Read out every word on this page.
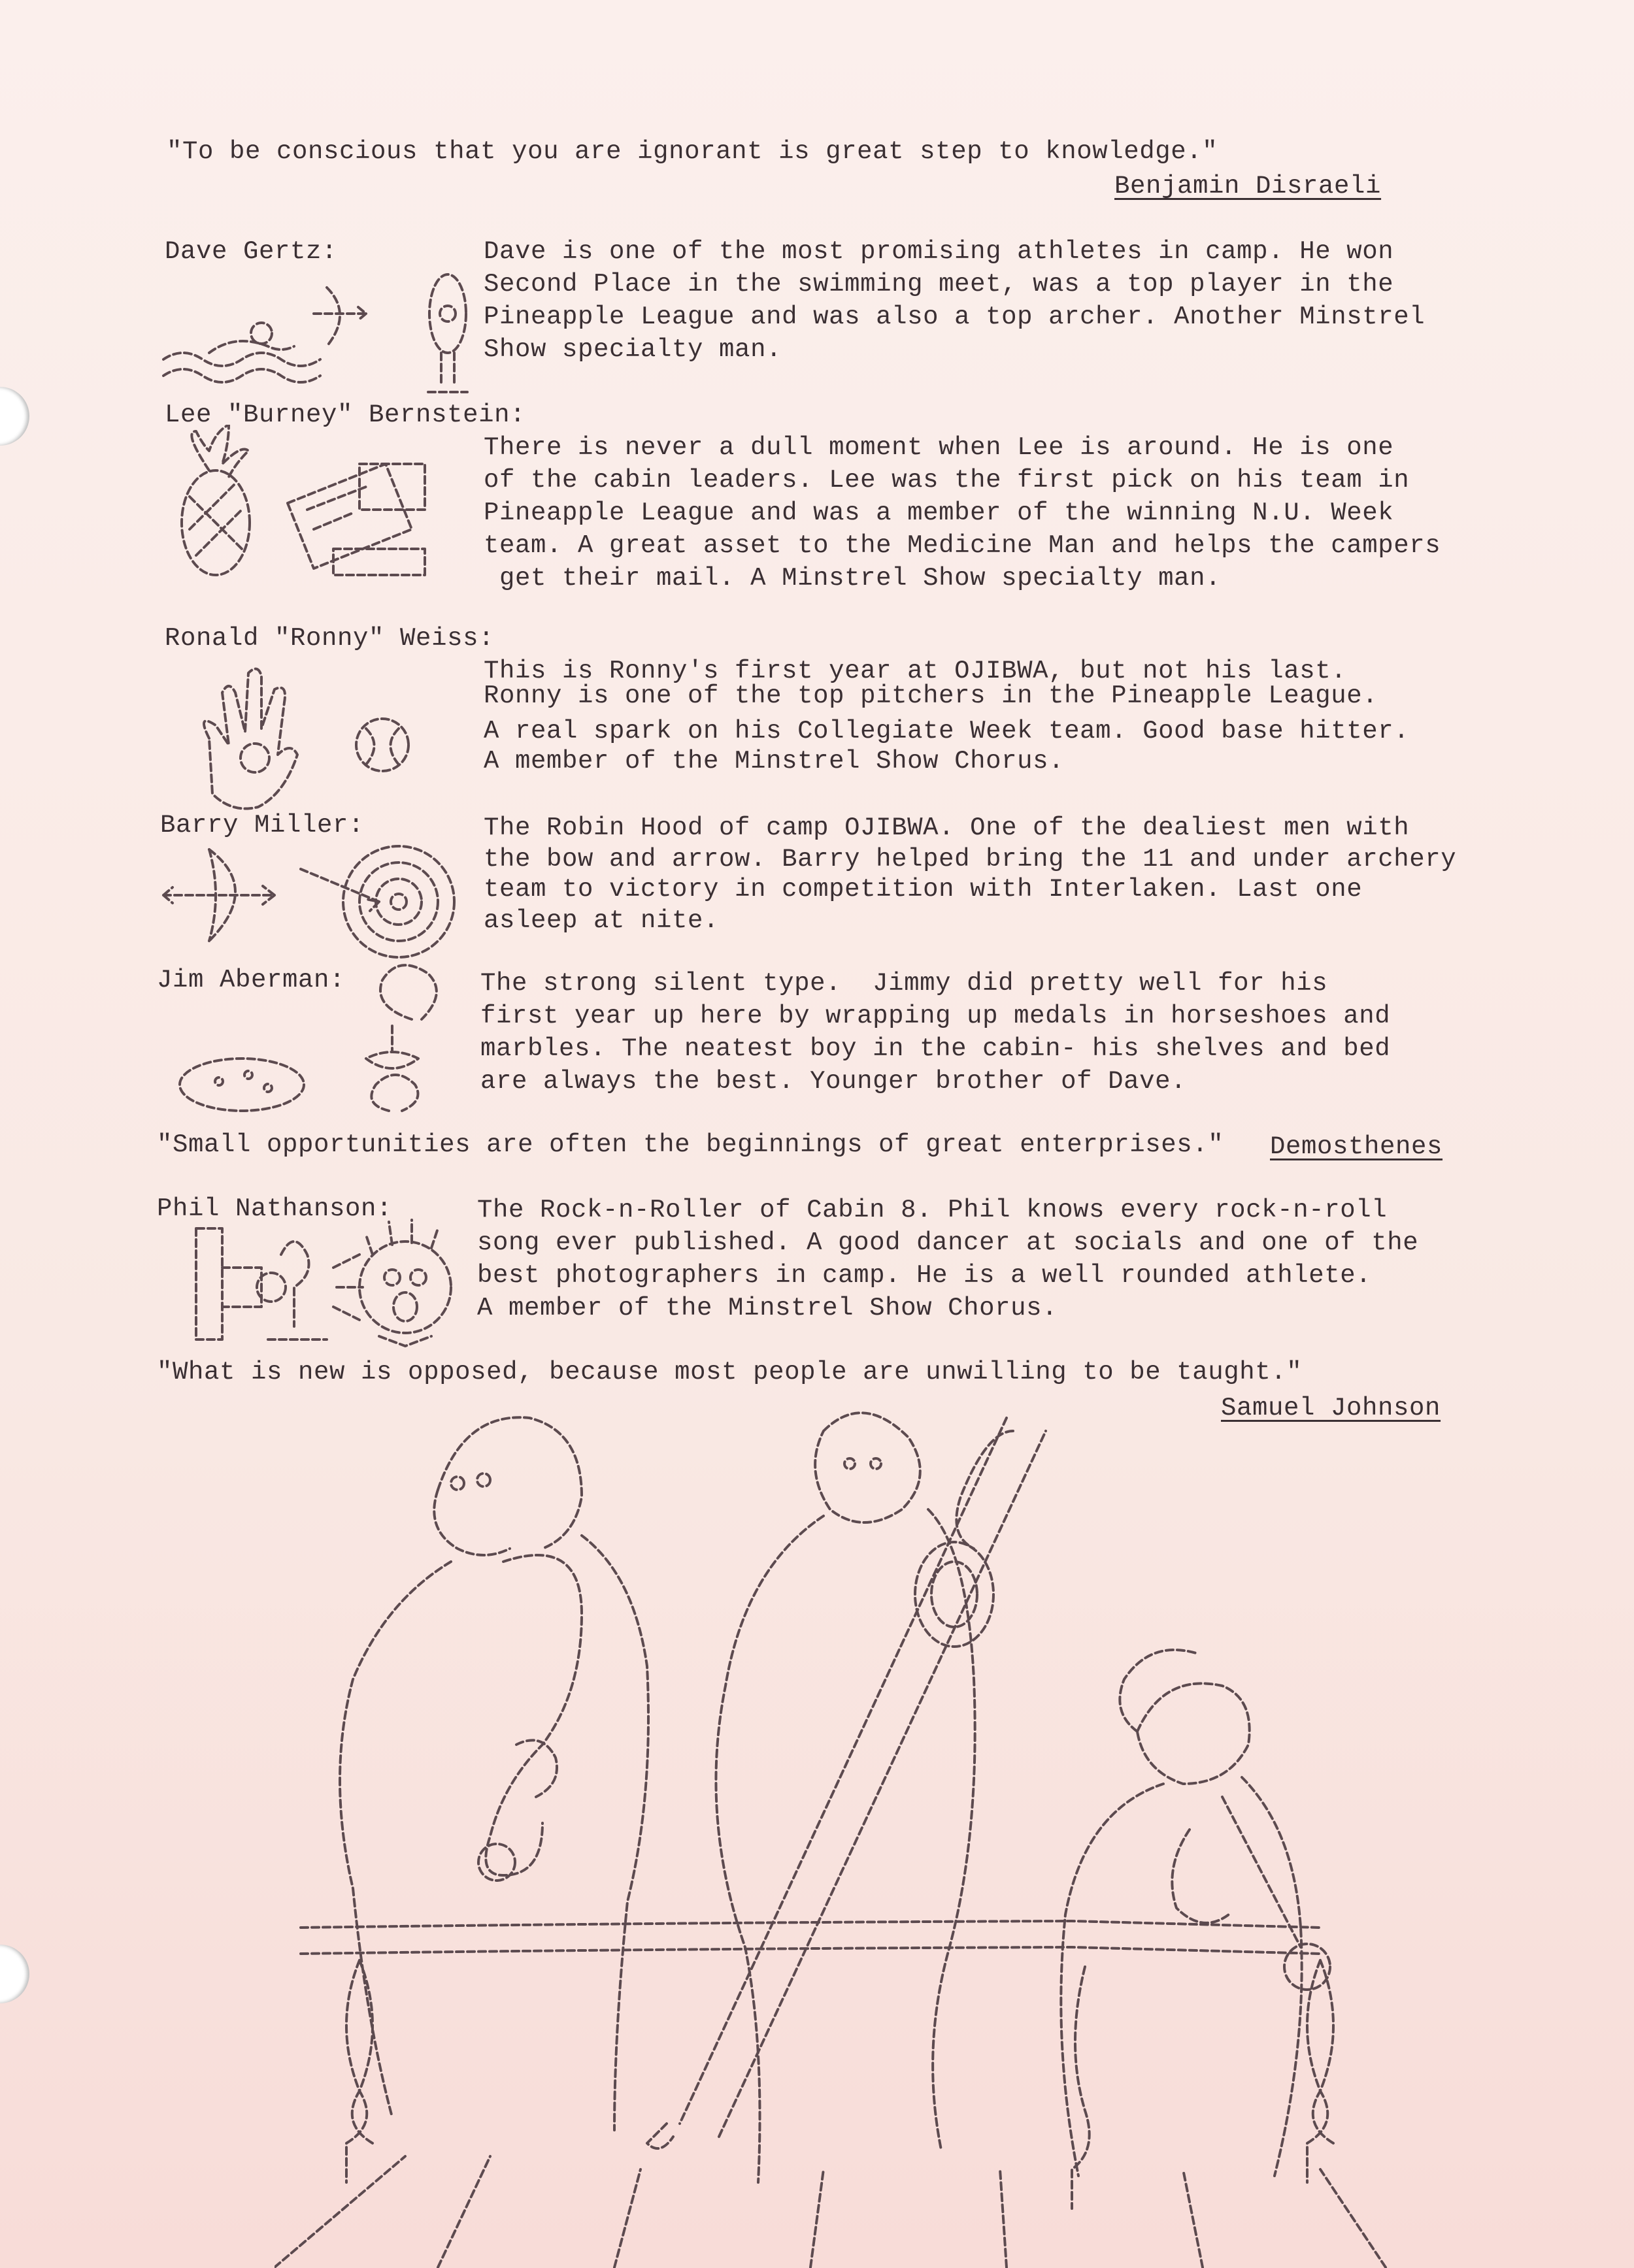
"To be conscious that you are ignorant is great step to knowledge."
Benjamin Disraeli
Dave Gertz:	Dave is one of the most promising athletes in camp. He won
Second Place in the swimming meet, was a top player in the
Pineapple League and was also a top archer. Another Minstrel
Show specialty man.
Lee "Burney" Bernstein:
There is never a dull moment when Lee is around. He is one
of the cabin leaders. Lee was the first pick on his team in
Pineapple League and was a member of the winning N.U. Week
team. A great asset to the Medicine Man and helps the campers
get their mail. A Minstrel Show specialty man.
Ronald "Ronny" Weiss:
This is Ronny's first year at OJIBWA, but not his last.
Ronny is one of the top pitchers in the Pineapple League.
A real spark on his Collegiate Week team. Good base hitter.
A member of the Minstrel Show Chorus.
Barry Miller:	The Robin Hood of camp OJIBWA. One of the dealiest men with
the bow and arrow. Barry helped bring the 11 and under archery
team to victory in competition with Interlaken. Last one
asleep at nite.
Jim Aberman:	The strong silent type.  Jimmy did pretty well for his
first year up here by wrapping up medals in horseshoes and
marbles. The neatest boy in the cabin- his shelves and bed
are always the best. Younger brother of Dave.
"Small opportunities are often the beginnings of great enterprises." Demosthenes
Phil Nathanson:	The Rock-n-Roller of Cabin 8. Phil knows every rock-n-roll
song ever published. A good dancer at socials and one of the
best photographers in camp. He is a well rounded athlete.
A member of the Minstrel Show Chorus.
"What is new is opposed, because most people are unwilling to be taught."
Samuel Johnson
